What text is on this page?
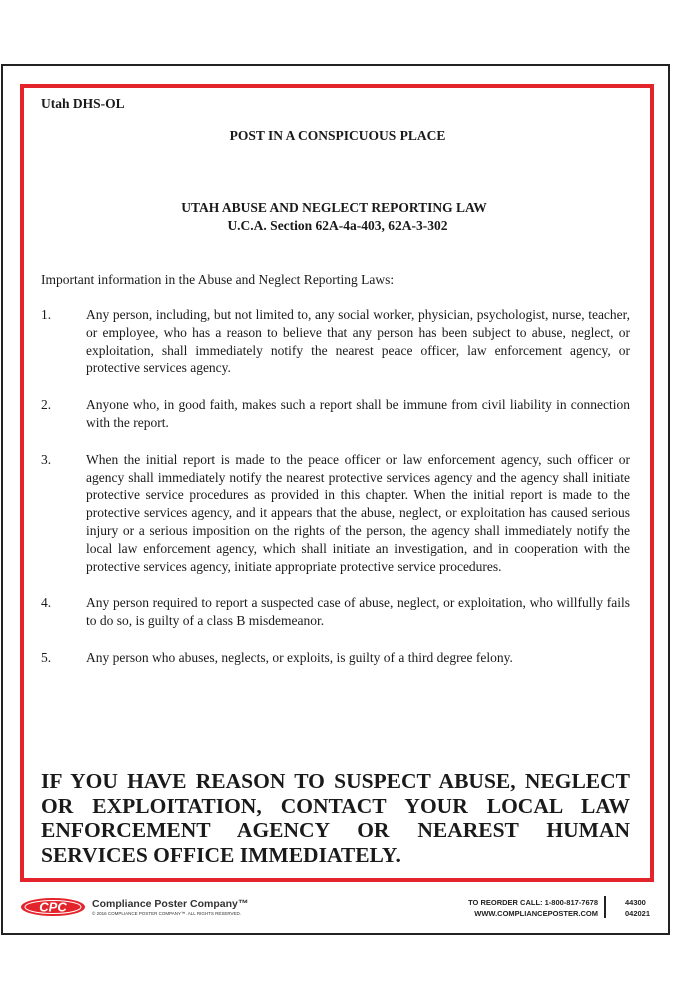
Utah DHS-OL
POST IN A CONSPICUOUS PLACE
UTAH ABUSE AND NEGLECT REPORTING LAW
U.C.A. Section 62A-4a-403, 62A-3-302
Important information in the Abuse and Neglect Reporting Laws:
1.	Any person, including, but not limited to, any social worker, physician, psychologist, nurse, teacher, or employee, who has a reason to believe that any person has been subject to abuse, neglect, or exploitation, shall immediately notify the nearest peace officer, law enforcement agency, or protective services agency.
2.	Anyone who, in good faith, makes such a report shall be immune from civil liability in connection with the report.
3.	When the initial report is made to the peace officer or law enforcement agency, such officer or agency shall immediately notify the nearest protective services agency and the agency shall initiate protective service procedures as provided in this chapter. When the initial report is made to the protective services agency, and it appears that the abuse, neglect, or exploitation has caused serious injury or a serious imposition on the rights of the person, the agency shall immediately notify the local law enforcement agency, which shall initiate an investigation, and in cooperation with the protective services agency, initiate appropriate protective service procedures.
4.	Any person required to report a suspected case of abuse, neglect, or exploitation, who willfully fails to do so, is guilty of a class B misdemeanor.
5.	Any person who abuses, neglects, or exploits, is guilty of a third degree felony.

IF YOU HAVE REASON TO SUSPECT ABUSE, NEGLECT OR EXPLOITATION, CONTACT YOUR LOCAL LAW ENFORCEMENT AGENCY OR NEAREST HUMAN SERVICES OFFICE IMMEDIATELY.

CPC Compliance Poster Company™
© 2016 COMPLIANCE POSTER COMPANY™. ALL RIGHTS RESERVED.
TO REORDER CALL: 1-800-817-7678
WWW.COMPLIANCEPOSTER.COM
44300
042021
